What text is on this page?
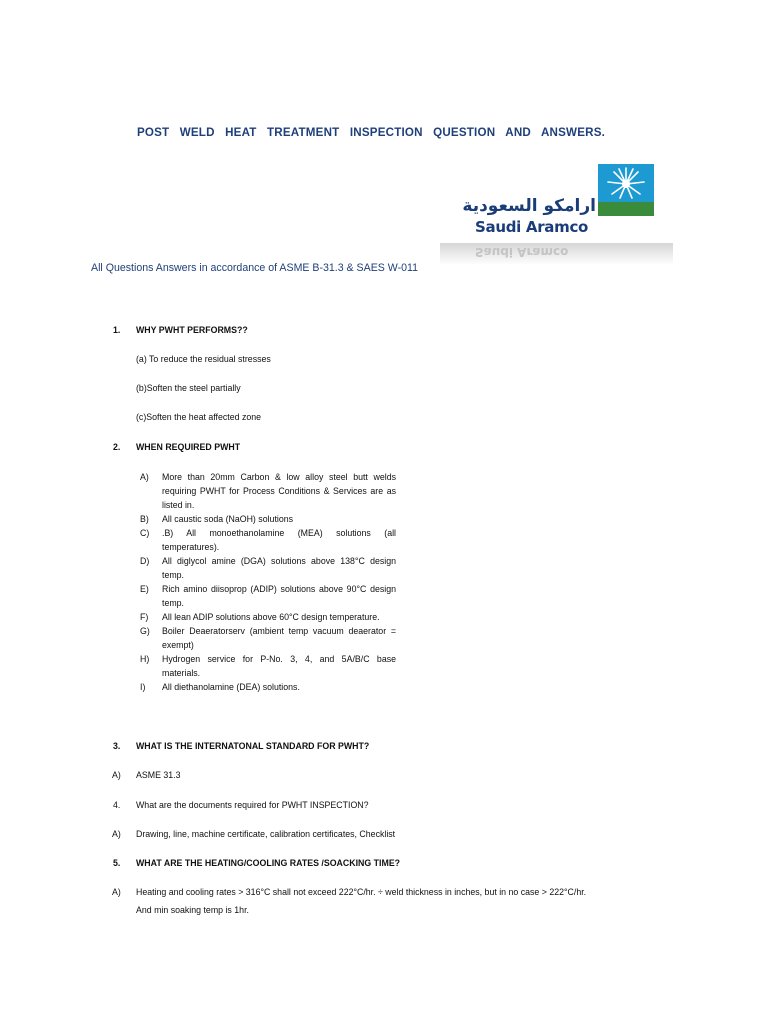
POST WELD HEAT TREATMENT INSPECTION QUESTION AND ANSWERS.
ارامكو السعودية
Saudi Aramco
Saudi Aramco
All Questions Answers in accordance of ASME B-31.3 & SAES W-011
1. WHY PWHT PERFORMS??
(a) To reduce the residual stresses
(b)Soften the steel partially
(c)Soften the heat affected zone
2. WHEN REQUIRED PWHT
A) More than 20mm Carbon & low alloy steel butt welds requiring PWHT for Process Conditions & Services are as listed in.
B) All caustic soda (NaOH) solutions
C) .B) All monoethanolamine (MEA) solutions (all temperatures).
D) All diglycol amine (DGA) solutions above 138°C design temp.
E) Rich amino diisoprop (ADIP) solutions above 90°C design temp.
F) All lean ADIP solutions above 60°C design temperature.
G) Boiler Deaeratorserv (ambient temp vacuum deaerator = exempt)
H) Hydrogen service for P-No. 3, 4, and 5A/B/C base materials.
I) All diethanolamine (DEA) solutions.
3. WHAT IS THE INTERNATONAL STANDARD FOR PWHT?
A) ASME 31.3
4. What are the documents required for PWHT INSPECTION?
A) Drawing, line, machine certificate, calibration certificates, Checklist
5. WHAT ARE THE HEATING/COOLING RATES /SOACKING TIME?
A) Heating and cooling rates > 316°C shall not exceed 222°C/hr. ÷ weld thickness in inches, but in no case > 222°C/hr.
And min soaking temp is 1hr.
